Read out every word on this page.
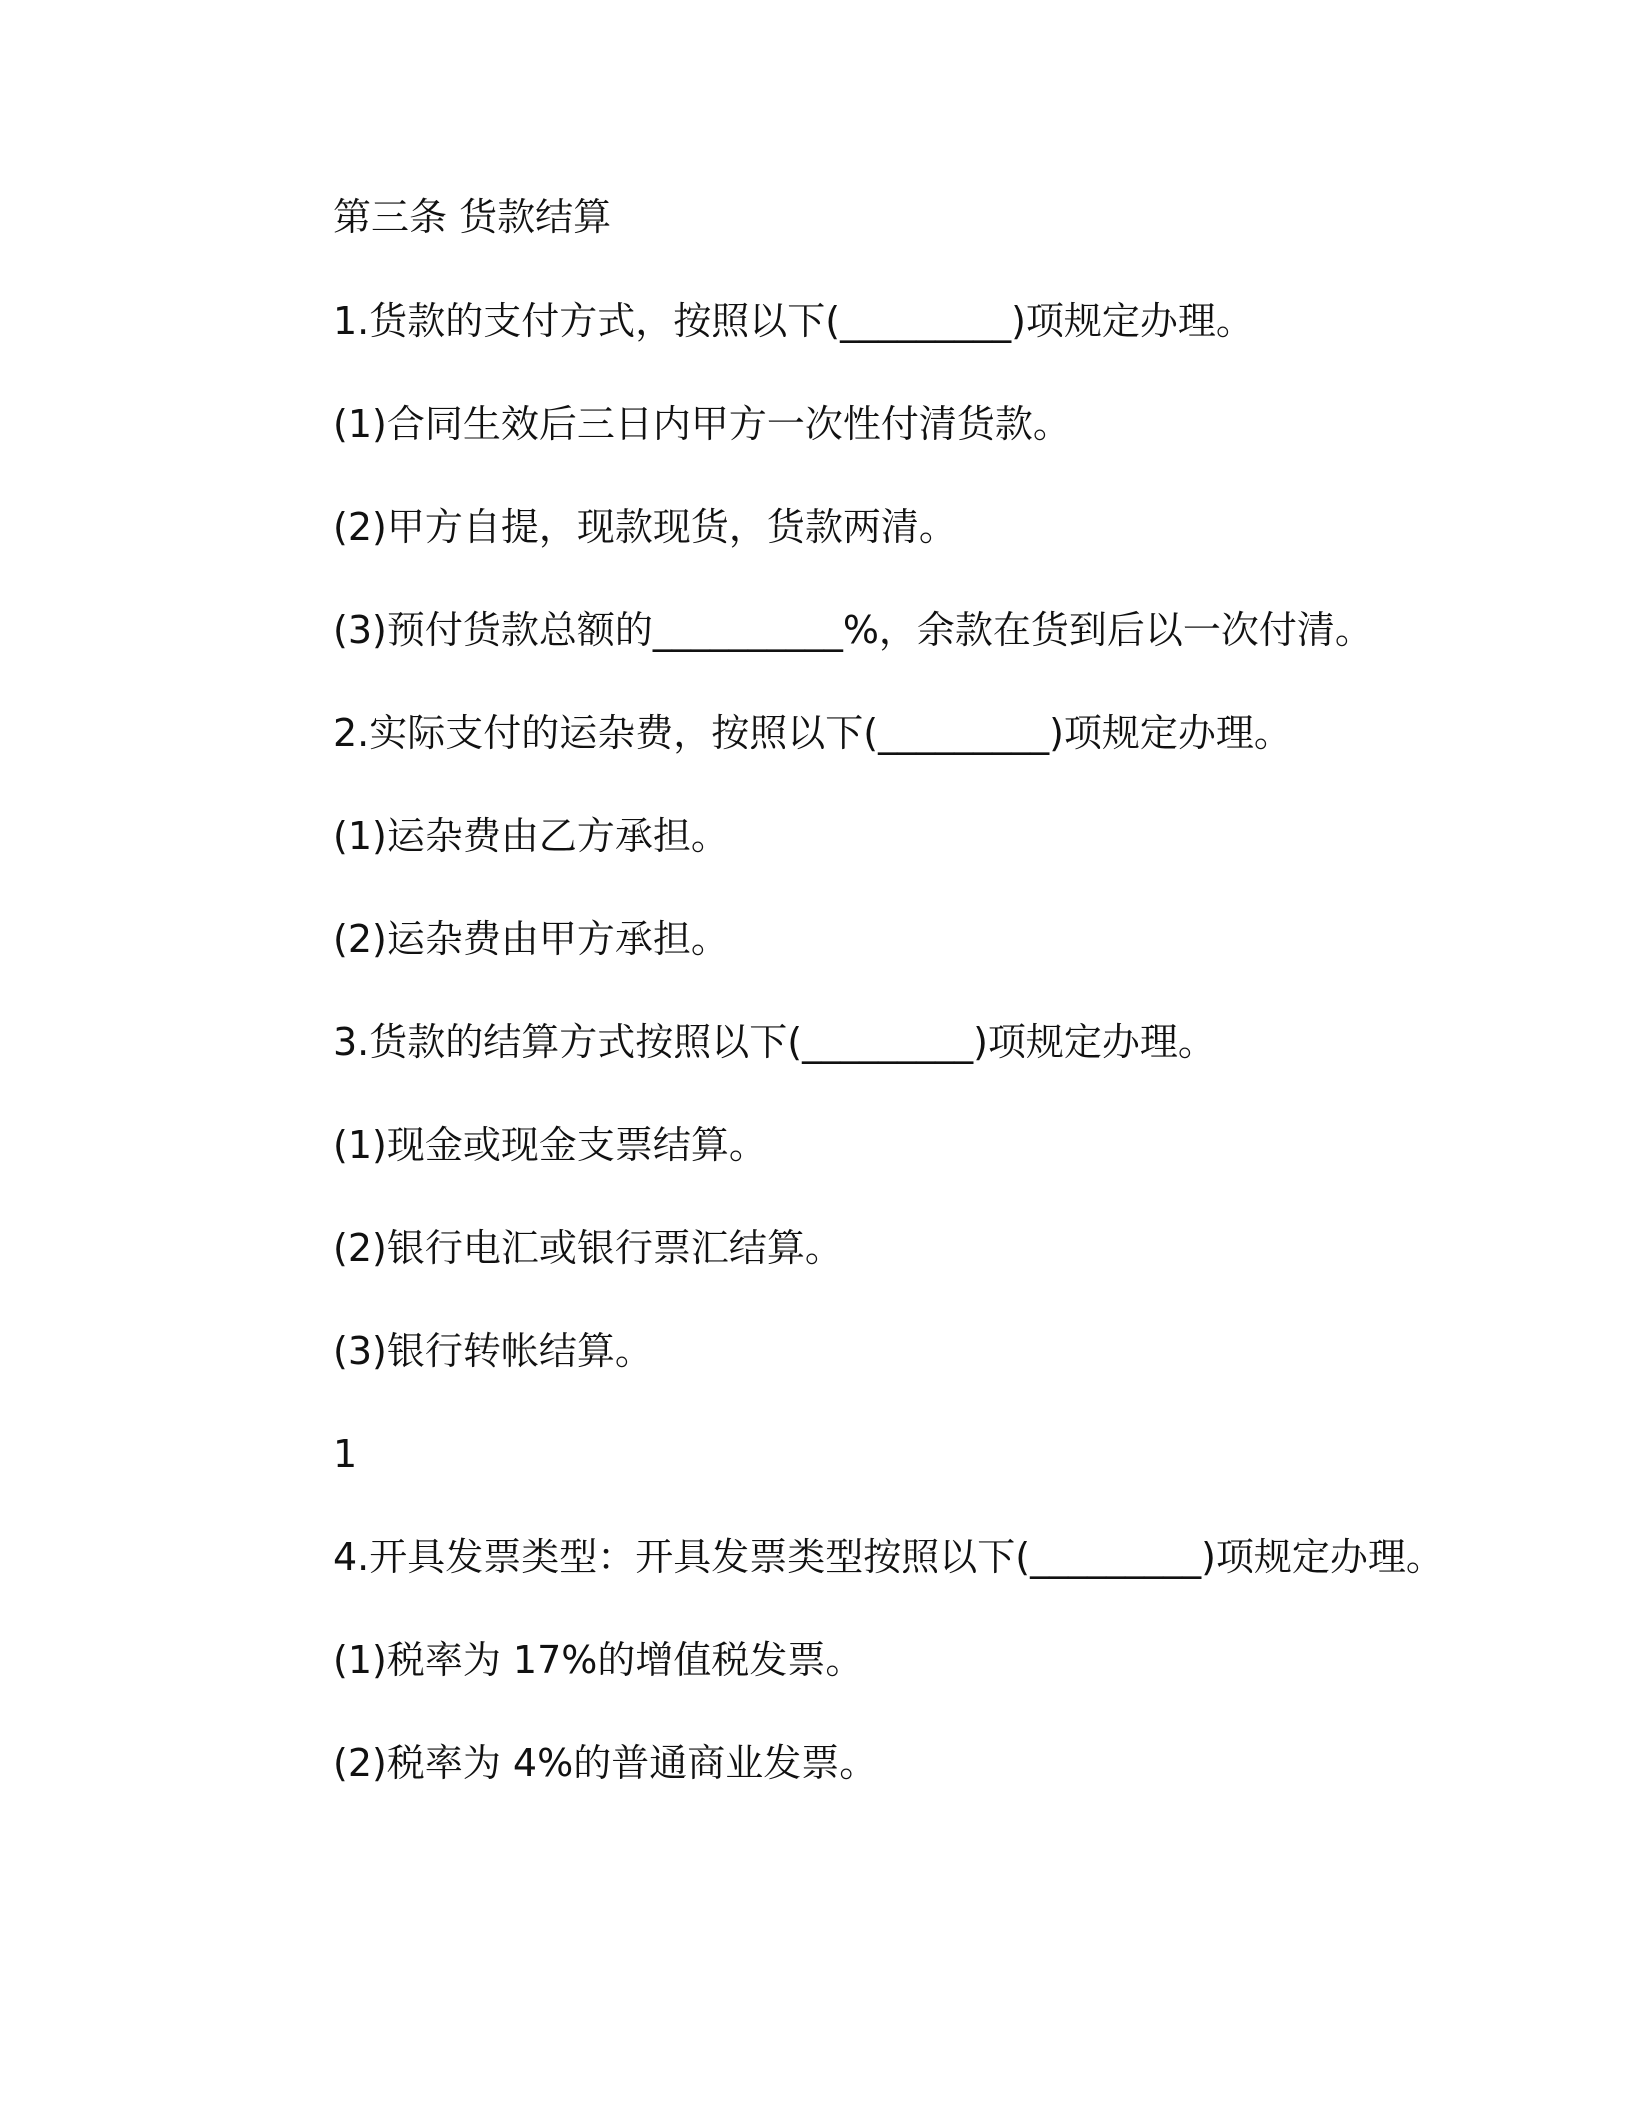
第三条 货款结算
1.货款的支付方式，按照以下(_________)项规定办理。
(1)合同生效后三日内甲方一次性付清货款。
(2)甲方自提，现款现货，货款两清。
(3)预付货款总额的__________%，余款在货到后以一次付清。
2.实际支付的运杂费，按照以下(_________)项规定办理。
(1)运杂费由乙方承担。
(2)运杂费由甲方承担。
3.货款的结算方式按照以下(_________)项规定办理。
(1)现金或现金支票结算。
(2)银行电汇或银行票汇结算。
(3)银行转帐结算。
1
4.开具发票类型：开具发票类型按照以下(_________)项规定办理。
(1)税率为 17%的增值税发票。
(2)税率为 4%的普通商业发票。
